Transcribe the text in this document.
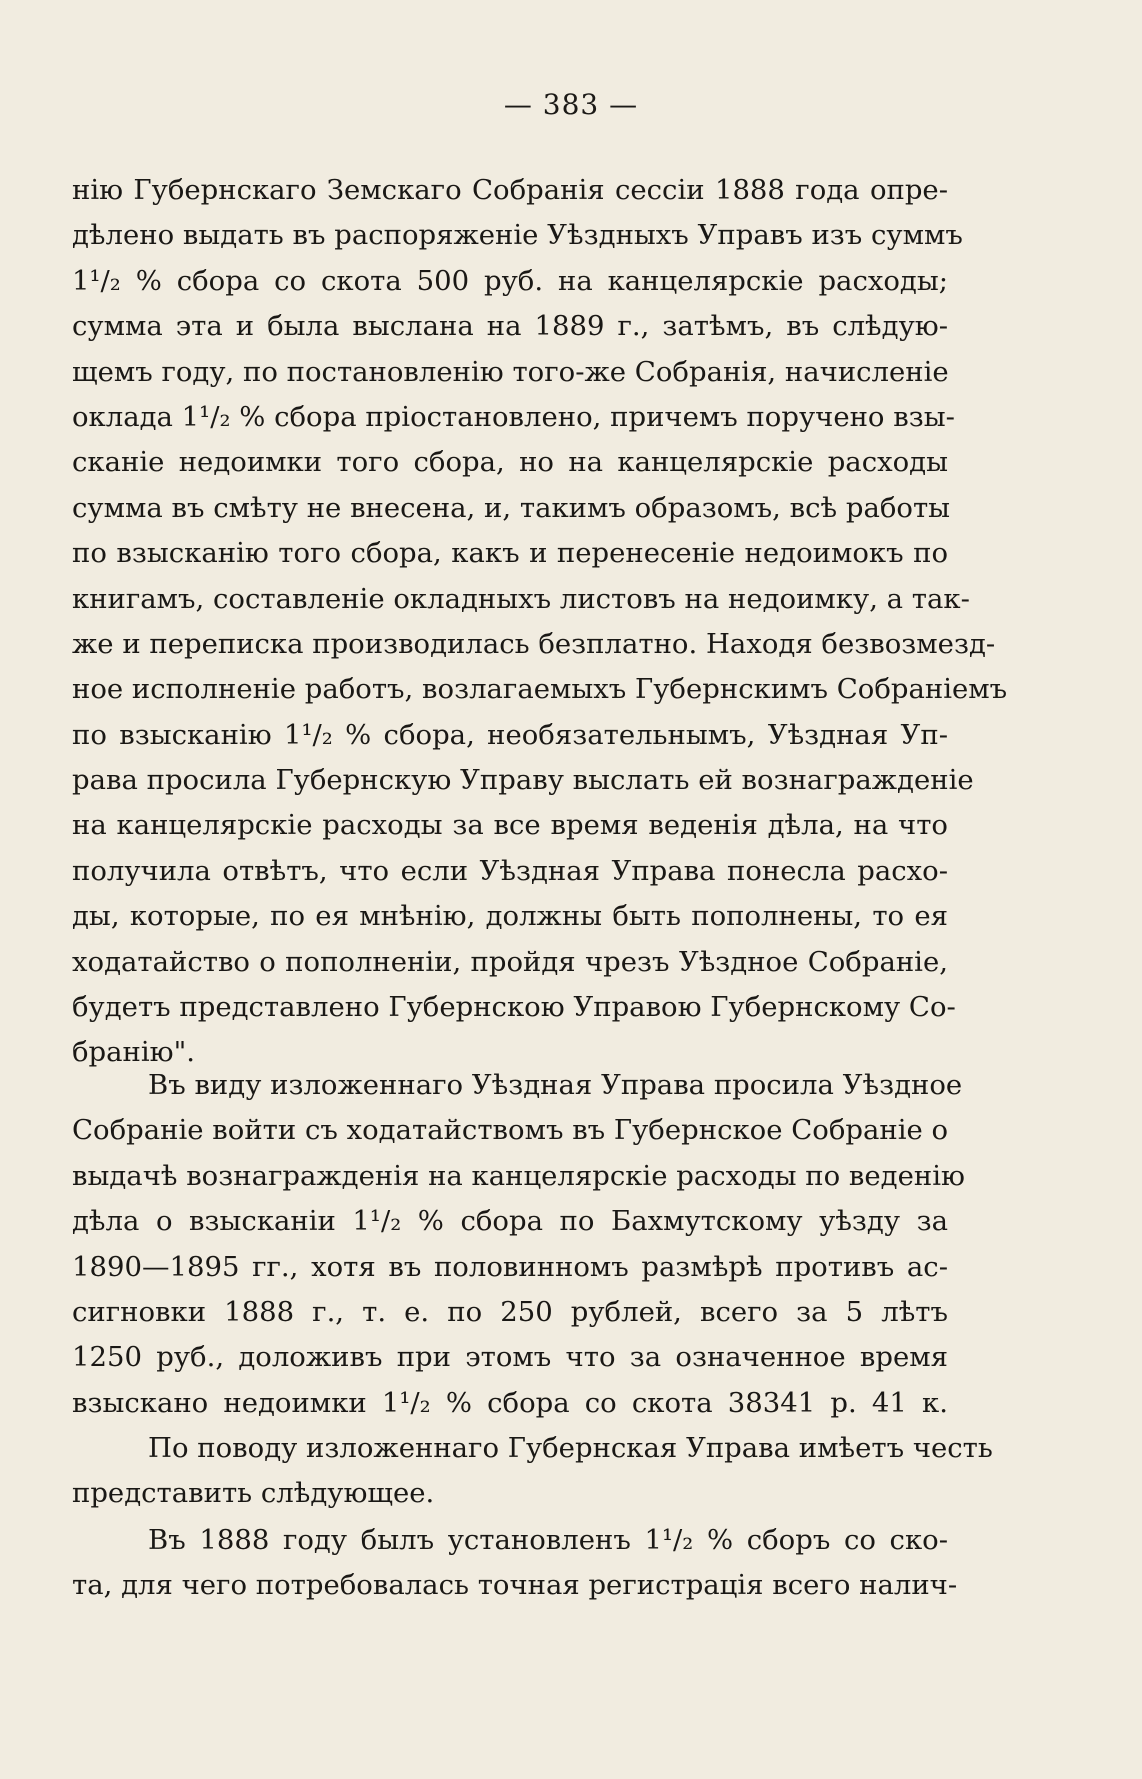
— 383 —
нію Губернскаго Земскаго Собранія сессіи 1888 года опре-
дѣлено выдать въ распоряженіе Уѣздныхъ Управъ изъ суммъ
1¹/₂ % сбора со скота 500 руб. на канцелярскіе расходы;
сумма эта и была выслана на 1889 г., затѣмъ, въ слѣдую-
щемъ году, по постановленію того-же Собранія, начисленіе
оклада 1¹/₂ % сбора пріостановлено, причемъ поручено взы-
сканіе недоимки того сбора, но на канцелярскіе расходы
сумма въ смѣту не внесена, и, такимъ образомъ, всѣ работы
по взысканію того сбора, какъ и перенесеніе недоимокъ по
книгамъ, составленіе окладныхъ листовъ на недоимку, а так-
же и переписка производилась безплатно. Находя безвозмезд-
ное исполненіе работъ, возлагаемыхъ Губернскимъ Собраніемъ
по взысканію 1¹/₂ % сбора, необязательнымъ, Уѣздная Уп-
рава просила Губернскую Управу выслать ей вознагражденіе
на канцелярскіе расходы за все время веденія дѣла, на что
получила отвѣтъ, что если Уѣздная Управа понесла расхо-
ды, которые, по ея мнѣнію, должны быть пополнены, то ея
ходатайство о пополненіи, пройдя чрезъ Уѣздное Собраніе,
будетъ представлено Губернскою Управою Губернскому Со-
бранію".
Въ виду изложеннаго Уѣздная Управа просила Уѣздное
Собраніе войти съ ходатайствомъ въ Губернское Собраніе о
выдачѣ вознагражденія на канцелярскіе расходы по веденію
дѣла о взысканіи 1¹/₂ % сбора по Бахмутскому уѣзду за
1890—1895 гг., хотя въ половинномъ размѣрѣ противъ ас-
сигновки 1888 г., т. е. по 250 рублей, всего за 5 лѣтъ
1250 руб., доложивъ при этомъ что за означенное время
взыскано недоимки 1¹/₂ % сбора со скота 38341 р. 41 к.
По поводу изложеннаго Губернская Управа имѣетъ честь
представить слѣдующее.
Въ 1888 году былъ установленъ 1¹/₂ % сборъ со ско-
та, для чего потребовалась точная регистрація всего налич-
